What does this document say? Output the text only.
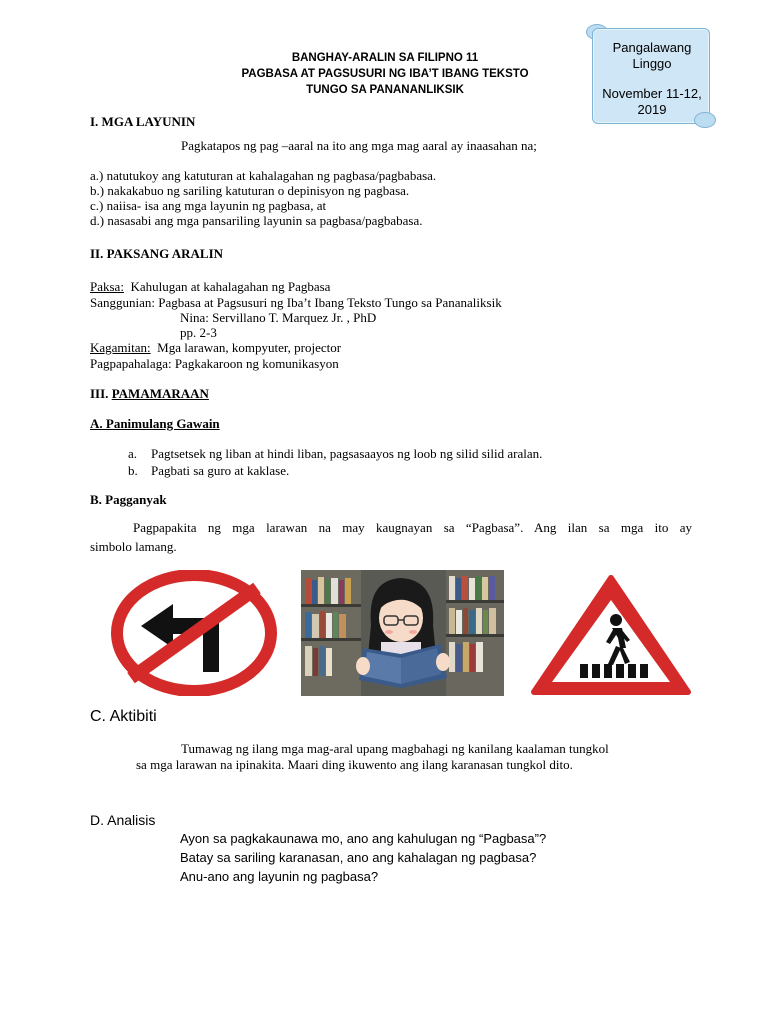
Pangalawang
Linggo
November 11-12,
2019
BANGHAY-ARALIN SA FILIPNO 11
PAGBASA AT PAGSUSURI NG IBA’T IBANG TEKSTO
TUNGO SA PANANANLIKSIK
I. MGA LAYUNIN
Pagkatapos ng pag –aaral na ito ang mga mag aaral ay inaasahan na;
a.) natutukoy ang katuturan at kahalagahan ng pagbasa/pagbabasa.
b.) nakakabuo ng sariling katuturan o depinisyon ng pagbasa.
c.) naiisa- isa ang mga layunin ng pagbasa, at
d.) nasasabi ang mga pansariling layunin sa pagbasa/pagbabasa.
II. PAKSANG ARALIN
Paksa: Kahulugan at kahalagahan ng Pagbasa
Sanggunian: Pagbasa at Pagsusuri ng Iba’t Ibang Teksto Tungo sa Pananaliksik
Nina: Servillano T. Marquez Jr. , PhD
pp. 2-3
Kagamitan: Mga larawan, kompyuter, projector
Pagpapahalaga: Pagkakaroon ng komunikasyon
III. PAMAMARAAN
A. Panimulang Gawain
a. Pagtsetsek ng liban at hindi liban, pagsasaayos ng loob ng silid silid aralan.
b. Pagbati sa guro at kaklase.
B. Pagganyak
Pagpapakita ng mga larawan na may kaugnayan sa “Pagbasa”. Ang ilan sa mga ito ay
simbolo lamang.
C. Aktibiti
Tumawag ng ilang mga mag-aral upang magbahagi ng kanilang kaalaman tungkol
sa mga larawan na ipinakita. Maari ding ikuwento ang ilang karanasan tungkol dito.
D. Analisis
Ayon sa pagkakaunawa mo, ano ang kahulugan ng “Pagbasa”?
Batay sa sariling karanasan, ano ang kahalagan ng pagbasa?
Anu-ano ang layunin ng pagbasa?
